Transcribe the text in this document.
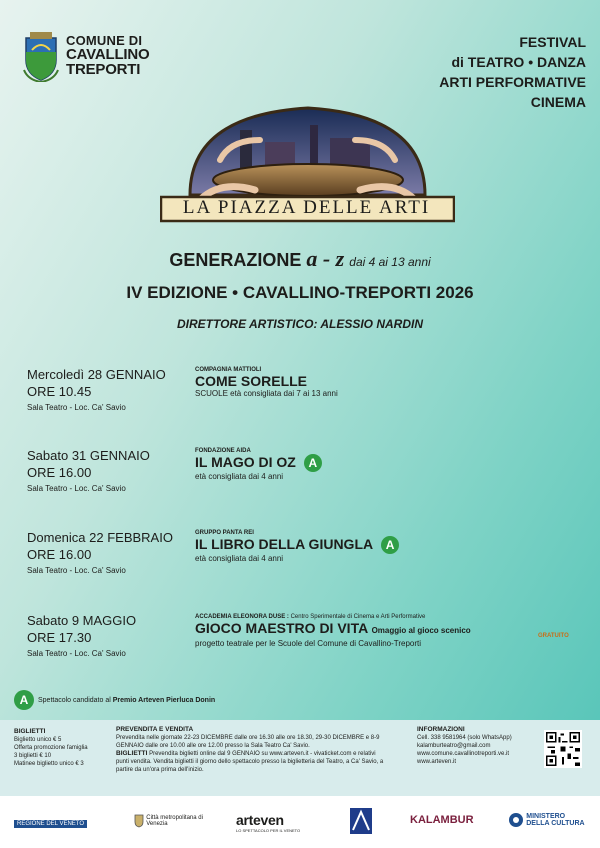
COMUNE DI
CAVALLINO
TREPORTI
FESTIVAL
di TEATRO • DANZA
ARTI PERFORMATIVE
CINEMA
LA PIAZZA DELLE ARTI
GENERAZIONE a - z dai 4 ai 13 anni
IV EDIZIONE • CAVALLINO-TREPORTI 2026
DIRETTORE ARTISTICO: ALESSIO NARDIN
Mercoledì 28 GENNAIO
ORE 10.45
Sala Teatro - Loc. Ca' Savio
COMPAGNIA MATTIOLI
COME SORELLE
SCUOLE età consigliata dai 7 ai 13 anni
Sabato 31 GENNAIO
ORE 16.00
Sala Teatro - Loc. Ca' Savio
FONDAZIONE AIDA
IL MAGO DI OZ A
età consigliata dai 4 anni
Domenica 22 FEBBRAIO
ORE 16.00
Sala Teatro - Loc. Ca' Savio
GRUPPO PANTA REI
IL LIBRO DELLA GIUNGLA A
età consigliata dai 4 anni
Sabato 9 MAGGIO
ORE 17.30
Sala Teatro - Loc. Ca' Savio
ACCADEMIA ELEONORA DUSE : Centro Sperimentale di Cinema e Arti Performative
GIOCO MAESTRO DI VITA Omaggio al gioco scenico
GRATUITO
progetto teatrale per le Scuole del Comune di Cavallino-Treporti
A Spettacolo candidato al Premio Arteven Pierluca Donin
BIGLIETTI
Biglietto unico € 5
Offerta promozione famiglia
3 biglietti € 10
Matinee biglietto unico € 3
PREVENDITA E VENDITA
Prevendita nelle giornate 22-23 DICEMBRE dalle ore 16.30 alle ore 18.30, 29-30 DICEMBRE e 8-9 GENNAIO dalle ore 10.00 alle ore 12.00 presso la Sala Teatro Ca' Savio.
BIGLIETTI Prevendita biglietti online dal 9 GENNAIO su www.arteven.it - vivaticket.com e relativi punti vendita. Vendita biglietti il giorno dello spettacolo presso la biglietteria del Teatro, a Ca' Savio, a partire da un'ora prima dell'inizio.
INFORMAZIONI
Cell. 338 9581964 (solo WhatsApp)
kalamburteatro@gmail.com
www.comune.cavallinotreporti.ve.it
www.arteven.it
REGIONE DEL VENETO
Città metropolitana di Venezia	arteven
LO SPETTACOLO PER IL VENETO
KALAMBUR	MINISTERO DELLA CULTURA
